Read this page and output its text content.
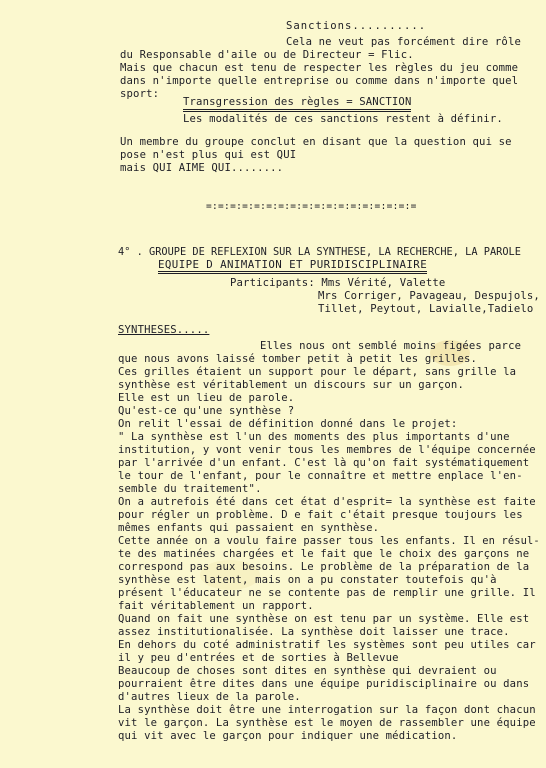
Sanctions..........
Cela ne veut pas forcément dire rôle
du Responsable d'aile ou de Directeur = Flic.
Mais que chacun est tenu de respecter les règles du jeu comme
dans n'importe quelle entreprise ou comme dans n'importe quel
sport:
Transgression des règles = SANCTION
Les modalités de ces sanctions restent à définir.
Un membre du groupe conclut en disant que la question qui se
pose n'est plus qui est QUI
mais QUI AIME QUI........
=:=:=:=:=:=:=:=:=:=:=:=:=:=:=:=:=:=
4° . GROUPE DE REFLEXION SUR LA SYNTHESE, LA RECHERCHE, LA PAROLE
EQUIPE D ANIMATION ET PURIDISCIPLINAIRE
Participants: Mms Vérité, Valette
Mrs Corriger, Pavageau, Despujols,
Tillet, Peytout, Lavialle,Tadielo
SYNTHESES.....
Elles nous ont semblé moins figées parce
que nous avons laissé tomber petit à petit les grilles.
Ces grilles étaient un support pour le départ, sans grille la
synthèse est véritablement un discours sur un garçon.
Elle est un lieu de parole.
Qu'est-ce qu'une synthèse ?
On relit l'essai de définition donné dans le projet:
" La synthèse est l'un des moments des plus importants d'une
institution, y vont venir tous les membres de l'équipe concernée
par l'arrivée d'un enfant. C'est là qu'on fait systématiquement
le tour de l'enfant, pour le connaître et mettre enplace l'en-
semble du traitement".
On a autrefois été dans cet état d'esprit= la synthèse est faite
pour régler un problème. D e fait c'était presque toujours les
mêmes enfants qui passaient en synthèse.
Cette année on a voulu faire passer tous les enfants. Il en résul-
te des matinées chargées et le fait que le choix des garçons ne
correspond pas aux besoins. Le problème de la préparation de la
synthèse est latent, mais on a pu constater toutefois qu'à
présent l'éducateur ne se contente pas de remplir une grille. Il
fait véritablement un rapport.
Quand on fait une synthèse on est tenu par un système. Elle est
assez institutionalisée. La synthèse doit laisser une trace.
En dehors du coté administratif les systèmes sont peu utiles car
il y peu d'entrées et de sorties à Bellevue
Beaucoup de choses sont dites en synthèse qui devraient ou
pourraient être dites dans une équipe puridisciplinaire ou dans
d'autres lieux de la parole.
La synthèse doit être une interrogation sur la façon dont chacun
vit le garçon. La synthèse est le moyen de rassembler une équipe
qui vit avec le garçon pour indiquer une médication.
